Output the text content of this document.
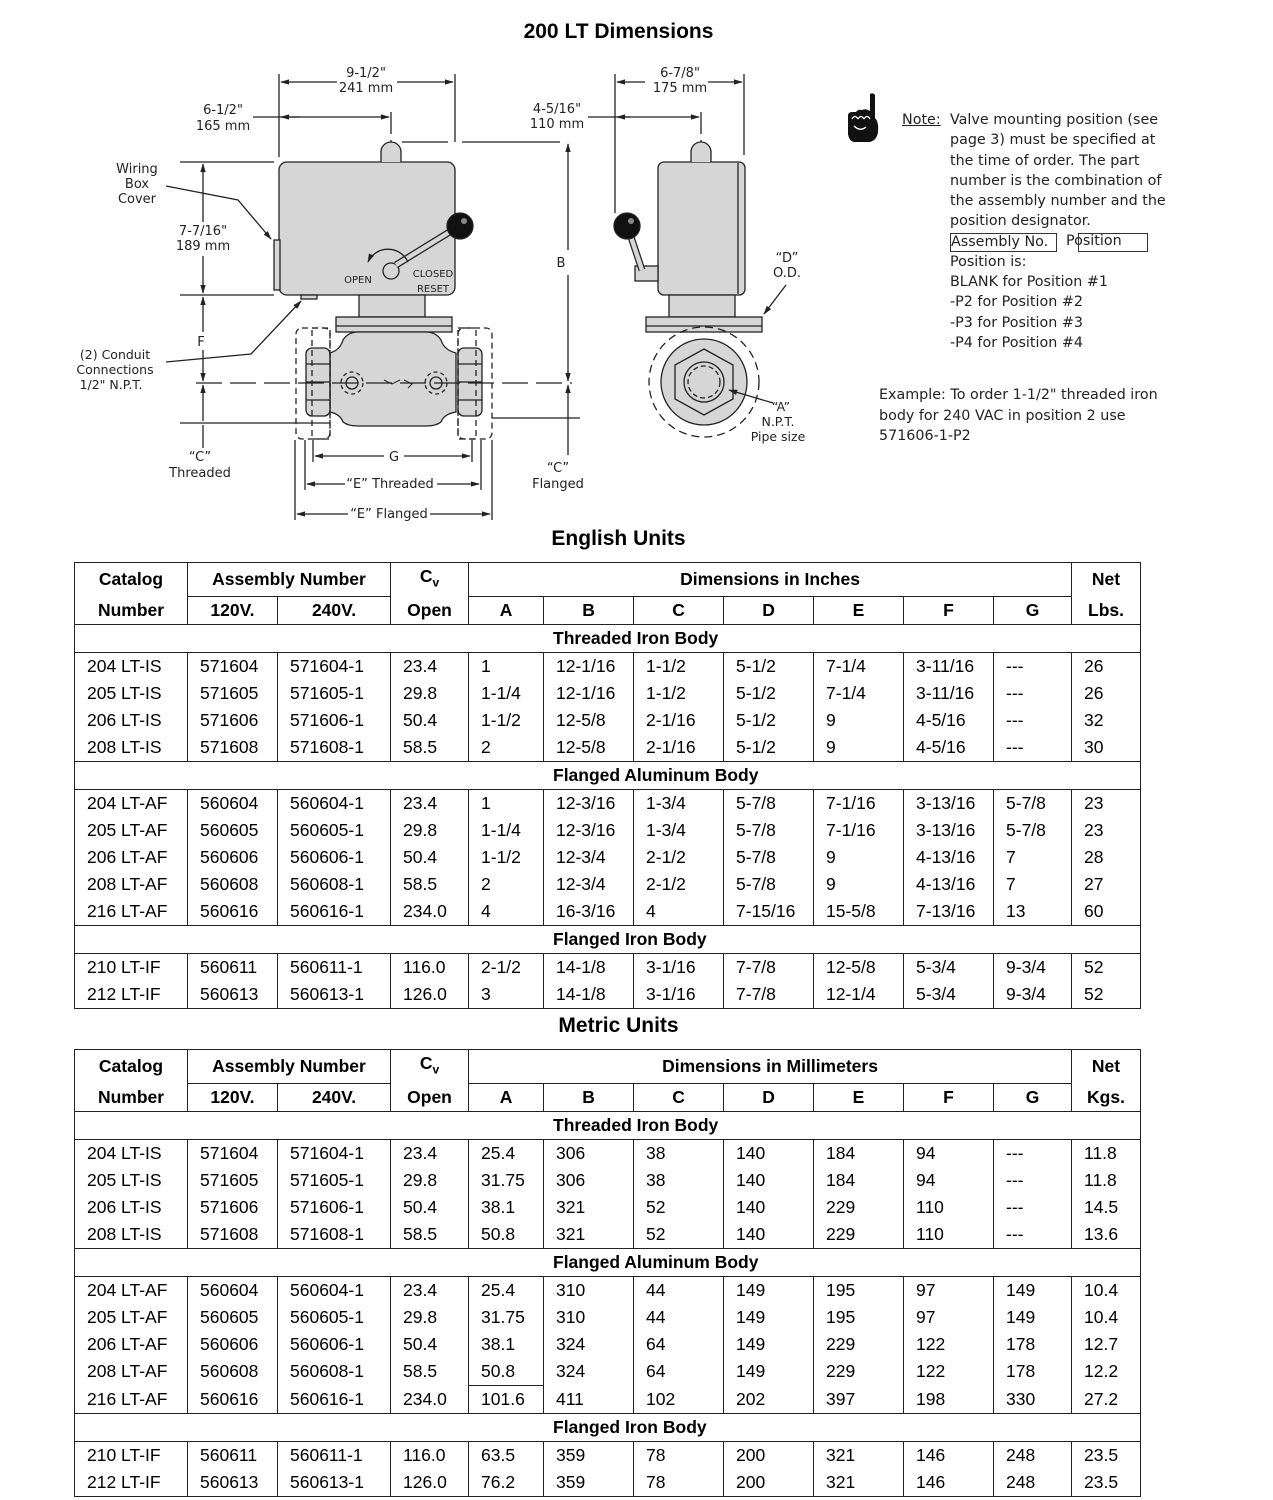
200 LT Dimensions
9-1/2"
241 mm
6-1/2"
165 mm
Wiring
Box
Cover
7-7/16"
189 mm
F
(2) Conduit
Connections
1/2" N.P.T.
OPEN
CLOSED
RESET
B
G
“C”
Threaded
“E” Threaded
“E” Flanged
6-7/8"
175 mm
4-5/16"
110 mm
“D”
O.D.
“A”
N.P.T.
Pipe size
“C”
Flanged
Note: Valve mounting position (see
page 3) must be specified at
the time of order. The part
number is the combination of
the assembly number and the
position designator.
Assembly No.	Position
Position is:
BLANK for Position #1
-P2 for Position #2
-P3 for Position #3
-P4 for Position #4
Example: To order 1-1/2" threaded iron
body for 240 VAC in position 2 use
571606-1-P2
English Units
Catalog	Assembly Number		$C_v$	Dimensions in Inches							Net
Number	120V.	240V.	Open	A	B	C	D	E	F	G	Lbs.
Threaded Iron Body											
204 LT-IS	571604	571604-1	23.4	1	12-1/16	1-1/2	5-1/2	7-1/4	3-11/16	---	26
205 LT-IS	571605	571605-1	29.8	1-1/4	12-1/16	1-1/2	5-1/2	7-1/4	3-11/16	---	26
206 LT-IS	571606	571606-1	50.4	1-1/2	12-5/8	2-1/16	5-1/2	9	4-5/16	---	32
208 LT-IS	571608	571608-1	58.5	2	12-5/8	2-1/16	5-1/2	9	4-5/16	---	30
Flanged Aluminum Body											
204 LT-AF	560604	560604-1	23.4	1	12-3/16	1-3/4	5-7/8	7-1/16	3-13/16	5-7/8	23
205 LT-AF	560605	560605-1	29.8	1-1/4	12-3/16	1-3/4	5-7/8	7-1/16	3-13/16	5-7/8	23
206 LT-AF	560606	560606-1	50.4	1-1/2	12-3/4	2-1/2	5-7/8	9	4-13/16	7	28
208 LT-AF	560608	560608-1	58.5	2	12-3/4	2-1/2	5-7/8	9	4-13/16	7	27
216 LT-AF	560616	560616-1	234.0	4	16-3/16	4	7-15/16	15-5/8	7-13/16	13	60
Flanged Iron Body											
210 LT-IF	560611	560611-1	116.0	2-1/2	14-1/8	3-1/16	7-7/8	12-5/8	5-3/4	9-3/4	52
212 LT-IF	560613	560613-1	126.0	3	14-1/8	3-1/16	7-7/8	12-1/4	5-3/4	9-3/4	52
Metric Units
Catalog	Assembly Number		$C_v$	Dimensions in Millimeters							Net
Number	120V.	240V.	Open	A	B	C	D	E	F	G	Kgs.
Threaded Iron Body											
204 LT-IS	571604	571604-1	23.4	25.4	306	38	140	184	94	---	11.8
205 LT-IS	571605	571605-1	29.8	31.75	306	38	140	184	94	---	11.8
206 LT-IS	571606	571606-1	50.4	38.1	321	52	140	229	110	---	14.5
208 LT-IS	571608	571608-1	58.5	50.8	321	52	140	229	110	---	13.6
Flanged Aluminum Body											
204 LT-AF	560604	560604-1	23.4	25.4	310	44	149	195	97	149	10.4
205 LT-AF	560605	560605-1	29.8	31.75	310	44	149	195	97	149	10.4
206 LT-AF	560606	560606-1	50.4	38.1	324	64	149	229	122	178	12.7
208 LT-AF	560608	560608-1	58.5	50.8	324	64	149	229	122	178	12.2
216 LT-AF	560616	560616-1	234.0	101.6	411	102	202	397	198	330	27.2
Flanged Iron Body											
210 LT-IF	560611	560611-1	116.0	63.5	359	78	200	321	146	248	23.5
212 LT-IF	560613	560613-1	126.0	76.2	359	78	200	321	146	248	23.5
